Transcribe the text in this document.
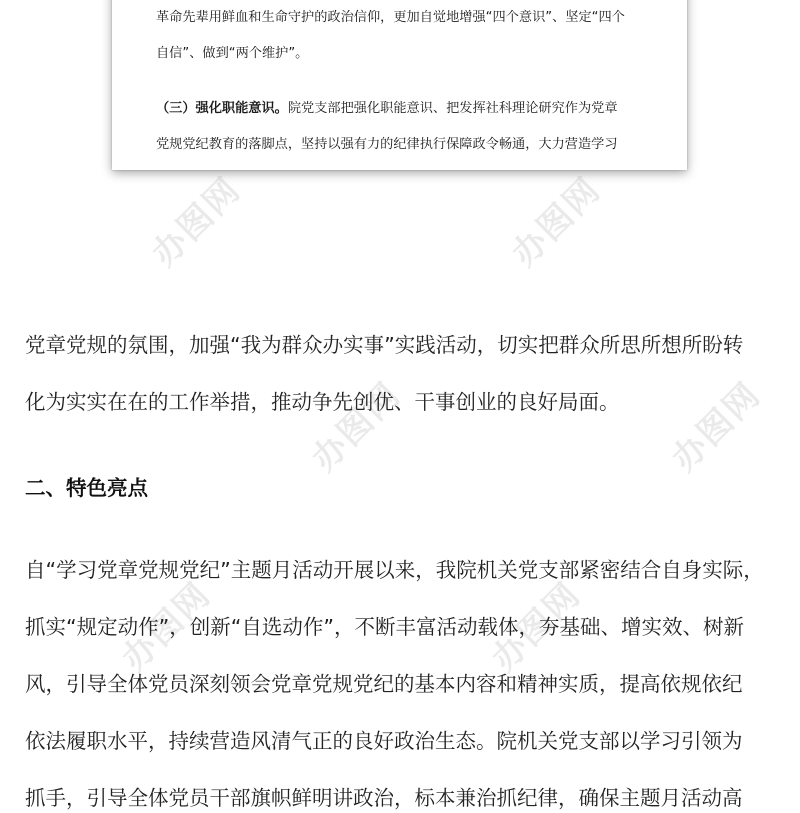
办图网	办图网
办图网	办图网
办图网	办图网

革命先辈用鲜血和生命守护的政治信仰，更加自觉地增强“四个意识”、坚定“四个

自信”、做到“两个维护”。

（三）强化职能意识。院党支部把强化职能意识、把发挥社科理论研究作为党章

党规党纪教育的落脚点，坚持以强有力的纪律执行保障政令畅通，大力营造学习

党章党规的氛围，加强“我为群众办实事”实践活动，切实把群众所思所想所盼转

化为实实在在的工作举措，推动争先创优、干事创业的良好局面。

二、特色亮点

自“学习党章党规党纪”主题月活动开展以来，我院机关党支部紧密结合自身实际，

抓实“规定动作”，创新“自选动作”，不断丰富活动载体，夯基础、增实效、树新

风，引导全体党员深刻领会党章党规党纪的基本内容和精神实质，提高依规依纪

依法履职水平，持续营造风清气正的良好政治生态。院机关党支部以学习引领为

抓手，引导全体党员干部旗帜鲜明讲政治，标本兼治抓纪律，确保主题月活动高
